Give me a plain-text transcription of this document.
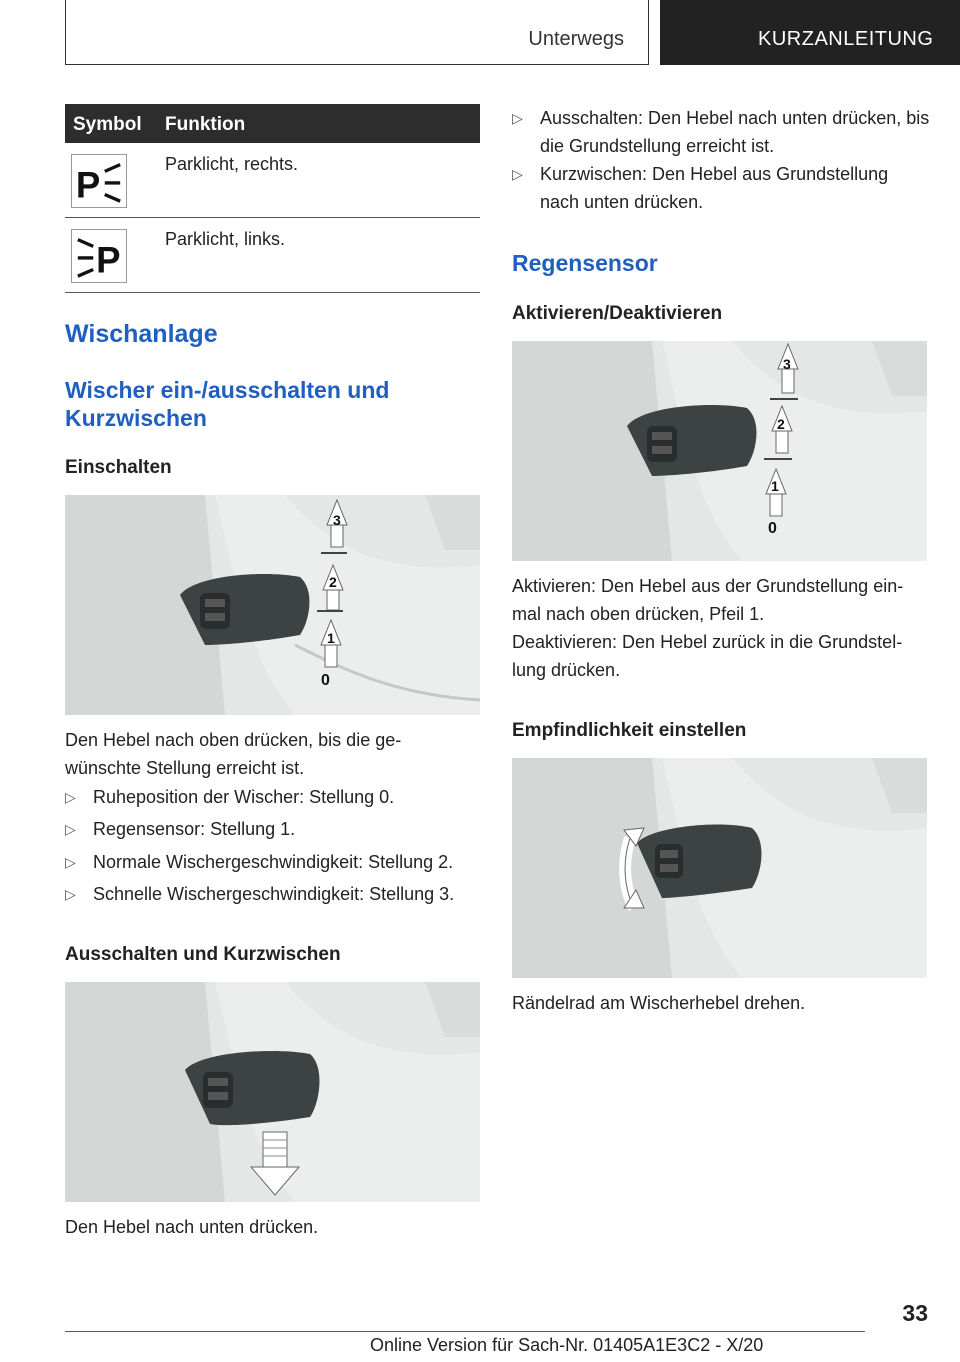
Unterwegs	KURZANLEITUNG
Symbol Funktion
P
Parklicht, rechts.
P
Parklicht, links.
Wischanlage
Wischer ein-/ausschalten und Kurzwischen
Einschalten
3
2
1
0

Den Hebel nach oben drücken, bis die ge‐ wünschte Stellung erreicht ist.

▷ Ruheposition der Wischer: Stellung 0.
▷ Regensensor: Stellung 1.
▷ Normale Wischergeschwindigkeit: Stellung 2.
▷ Schnelle Wischergeschwindigkeit: Stellung 3.
Ausschalten und Kurzwischen

Den Hebel nach unten drücken.

▷ Ausschalten: Den Hebel nach unten drücken, bis die Grundstellung erreicht ist.
▷ Kurzwischen: Den Hebel aus Grundstellung nach unten drücken.
Regensensor
Aktivieren/Deaktivieren
3
2
1
0

Aktivieren: Den Hebel aus der Grundstellung ein‐ mal nach oben drücken, Pfeil 1.

Deaktivieren: Den Hebel zurück in die Grundstel‐ lung drücken.

Empfindlichkeit einstellen

Rändelrad am Wischerhebel drehen.

33
Online Version für Sach-Nr. 01405A1E3C2 - X/20
